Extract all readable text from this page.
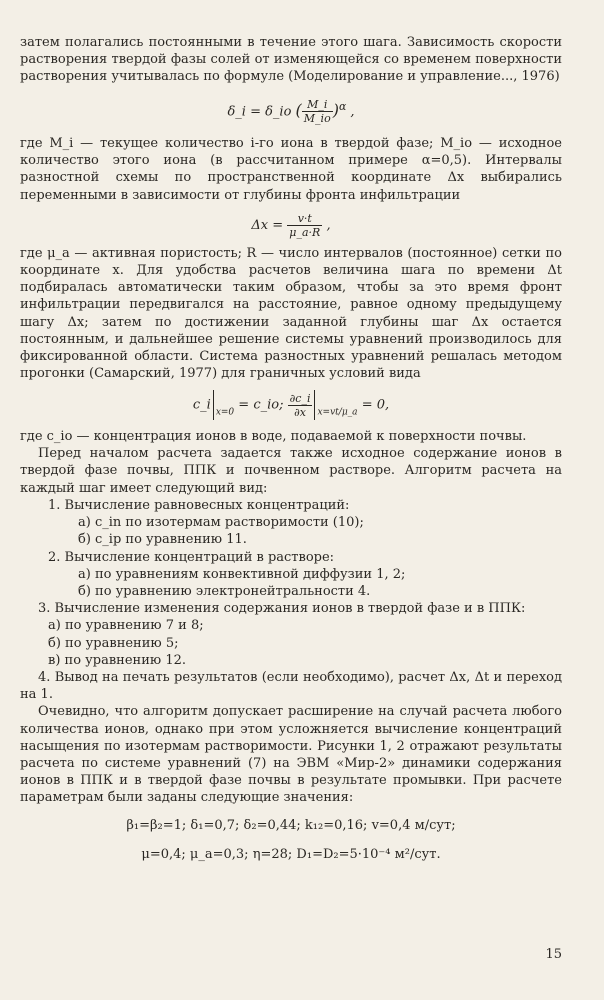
затем полагались постоянными в течение этого шага. Зависимость скорости растворения твердой фазы солей от изменяющейся со временем поверхности растворения учитывалась по формуле (Моделирование и управление..., 1976)

δ_i = δ_io ( $\frac{M\_i}{M\_io} )^\alpha$ ,

где M_i — текущее количество i-го иона в твердой фазе; M_io — исходное количество этого иона (в рассчитанном примере α=0,5). Интервалы разностной схемы по пространственной координате Δx выбирались переменными в зависимости от глубины фронта инфильтрации

$\Delta x = \frac{v\cdot t}{\mu\_a\cdot R}$ ,

где μ_a — активная пористость; R — число интервалов (постоянное) сетки по координате x. Для удобства расчетов величина шага по времени Δt подбиралась автоматически таким образом, чтобы за это время фронт инфильтрации передвигался на расстояние, равное одному предыдущему шагу Δx; затем по достижении заданной глубины шаг Δx остается постоянным, и дальнейшее решение системы уравнений производилось для фиксированной области. Система разностных уравнений решалась методом прогонки (Самарский, 1977) для граничных условий вида

c_i $_{x=0}$ = c_io; $\frac{\partial c\_i}{\partial x} _{x=vt/\mu\_a} = 0$,

где c_io — концентрация ионов в воде, подаваемой к поверхности почвы.

Перед началом расчета задается также исходное содержание ионов в твердой фазе почвы, ППК и почвенном растворе. Алгоритм расчета на каждый шаг имеет следующий вид:

1. Вычисление равновесных концентраций:

а) c_in по изотермам растворимости (10);

б) c_ip по уравнению 11.

2. Вычисление концентраций в растворе:

а) по уравнениям конвективной диффузии 1, 2;

б) по уравнению электронейтральности 4.

3. Вычисление изменения содержания ионов в твердой фазе и в ППК:

а) по уравнению 7 и 8;

б) по уравнению 5;

в) по уравнению 12.

4. Вывод на печать результатов (если необходимо), расчет Δx, Δt и переход на 1.

Очевидно, что алгоритм допускает расширение на случай расчета любого количества ионов, однако при этом усложняется вычисление концентраций насыщения по изотермам растворимости. Рисунки 1, 2 отражают результаты расчета по системе уравнений (7) на ЭВМ «Мир-2» динамики содержания ионов в ППК и в твердой фазе почвы в результате промывки. При расчете параметрам были заданы следующие значения:

β₁=β₂=1; δ₁=0,7; δ₂=0,44; k₁₂=0,16; v=0,4 м/сут;

μ=0,4; μ_a=0,3; η=28; D₁=D₂=5·10⁻⁴ м²/сут.

15
